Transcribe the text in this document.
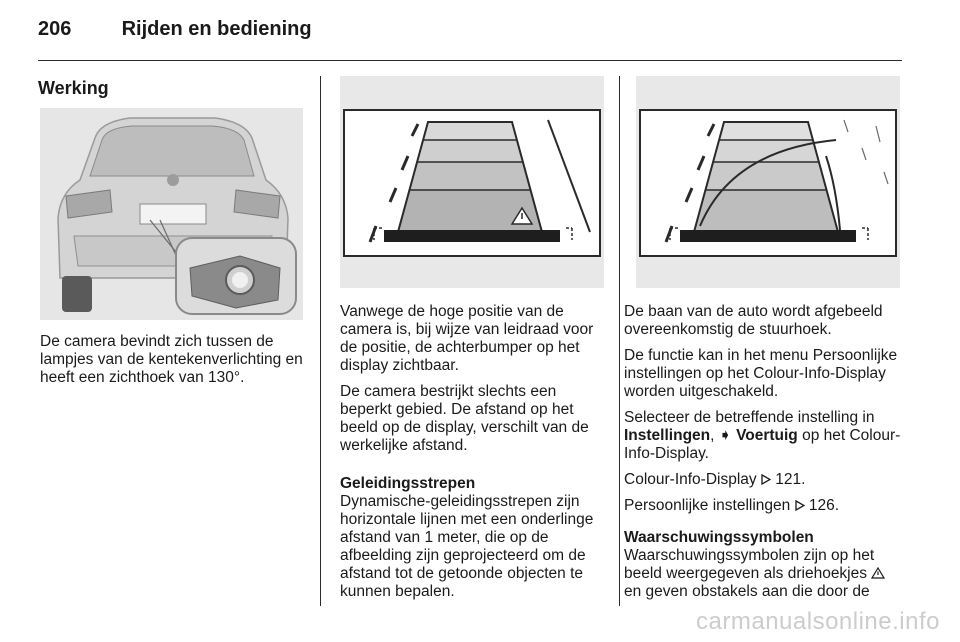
206	Rijden en bediening
Werking

De camera bevindt zich tussen de lampjes van de kentekenverlichting en heeft een zichthoek van 130°.

Vanwege de hoge positie van de camera is, bij wijze van leidraad voor de positie, de achterbumper op het display zichtbaar.

De camera bestrijkt slechts een beperkt gebied. De afstand op het beeld op de display, verschilt van de werkelijke afstand.

Geleidingsstrepen

Dynamische-geleidingsstrepen zijn horizontale lijnen met een onderlinge afstand van 1 meter, die op de afbeelding zijn geprojecteerd om de afstand tot de getoonde objecten te kunnen bepalen.

De baan van de auto wordt afgebeeld overeenkomstig de stuurhoek.

De functie kan in het menu Persoonlijke instellingen op het Colour-Info-Display worden uitgeschakeld.

Selecteer de betreffende instelling in Instellingen, ➧ Voertuig op het Colour-Info-Display.

Colour-Info-Display 121.

Persoonlijke instellingen 126.

Waarschuwingssymbolen

Waarschuwingssymbolen zijn op het beeld weergegeven als driehoekjes en geven obstakels aan die door de

carmanualsonline.info
